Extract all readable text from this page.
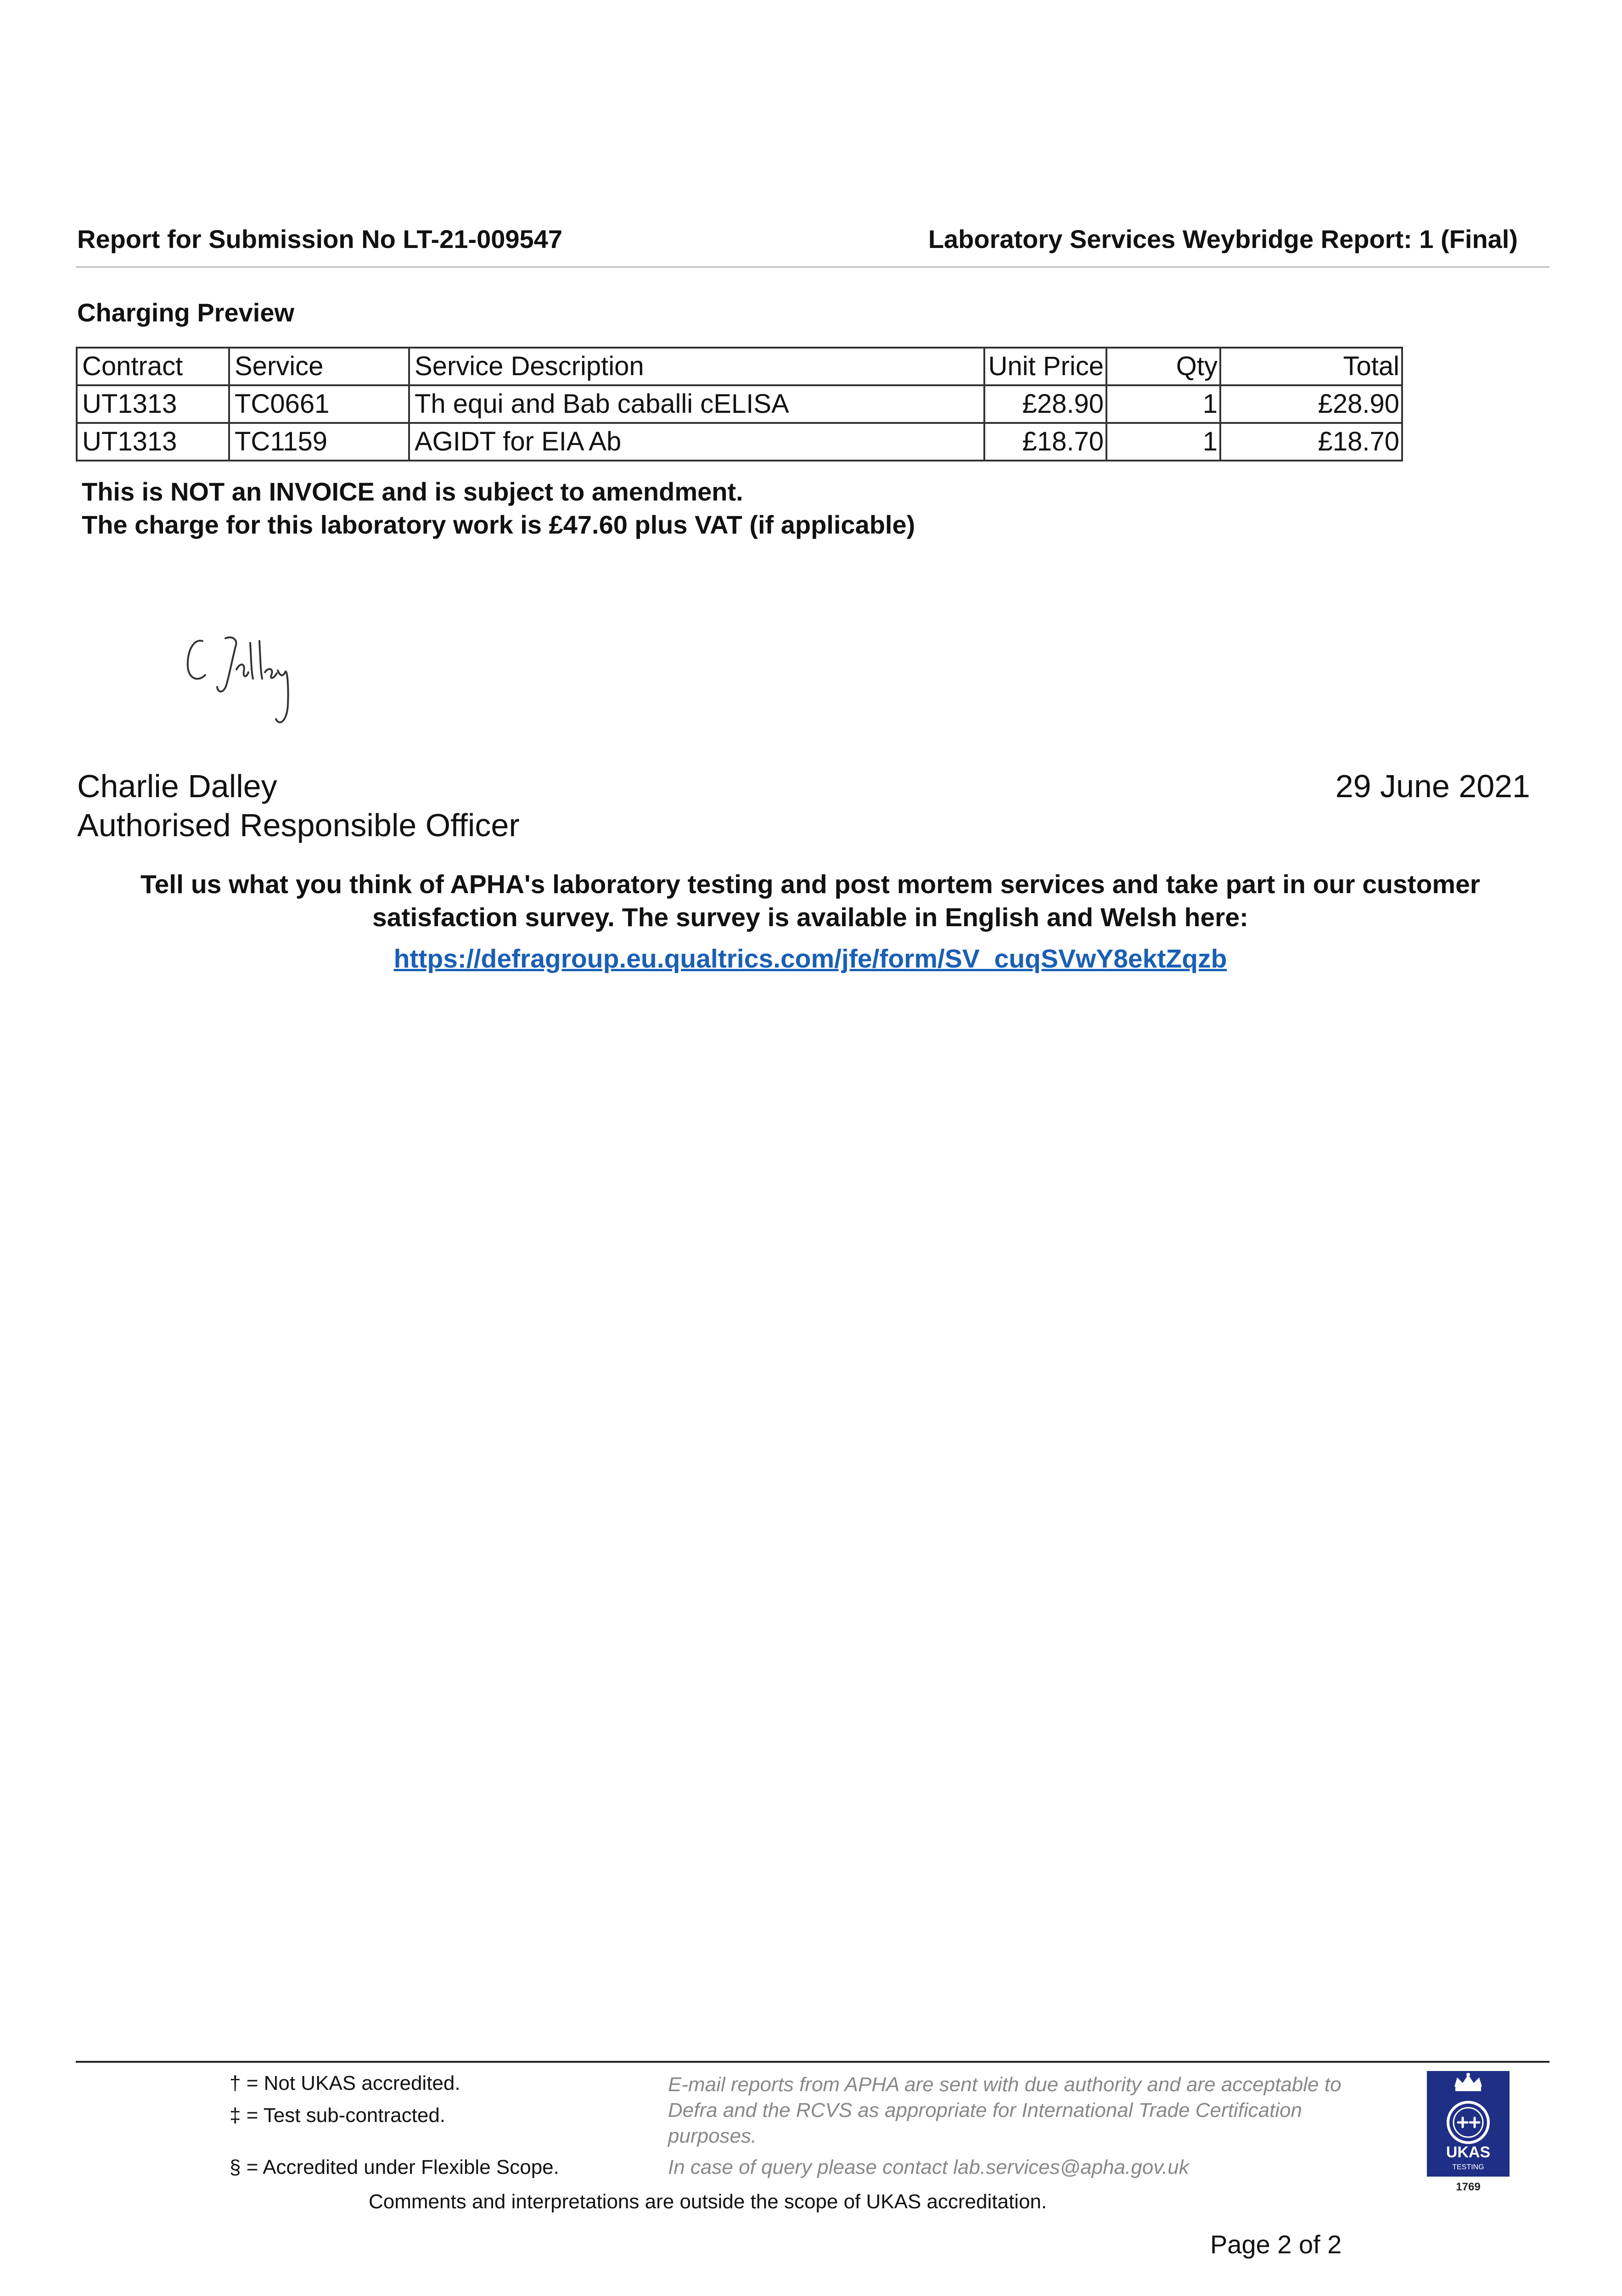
Report for Submission No LT-21-009547	Laboratory Services Weybridge Report: 1 (Final)
Charging Preview
Contract	Service	Service Description	Unit Price	Qty	Total
UT1313	TC0661	Th equi and Bab caballi cELISA	£28.90	1	£28.90
UT1313	TC1159	AGIDT for EIA Ab	£18.70	1	£18.70
This is NOT an INVOICE and is subject to amendment.
The charge for this laboratory work is £47.60 plus VAT (if applicable)
Charlie Dalley
Authorised Responsible Officer
29 June 2021
Tell us what you think of APHA's laboratory testing and post mortem services and take part in our customer
satisfaction survey. The survey is available in English and Welsh here:
https://defragroup.eu.qualtrics.com/jfe/form/SV_cuqSVwY8ektZqzb
† = Not UKAS accredited.
‡ = Test sub-contracted.
§ = Accredited under Flexible Scope.
E-mail reports from APHA are sent with due authority and are acceptable to Defra and the RCVS as appropriate for International Trade Certification purposes.
In case of query please contact lab.services@apha.gov.uk
Comments and interpretations are outside the scope of UKAS accreditation.
Page 2 of 2
UKAS
TESTING
1769
